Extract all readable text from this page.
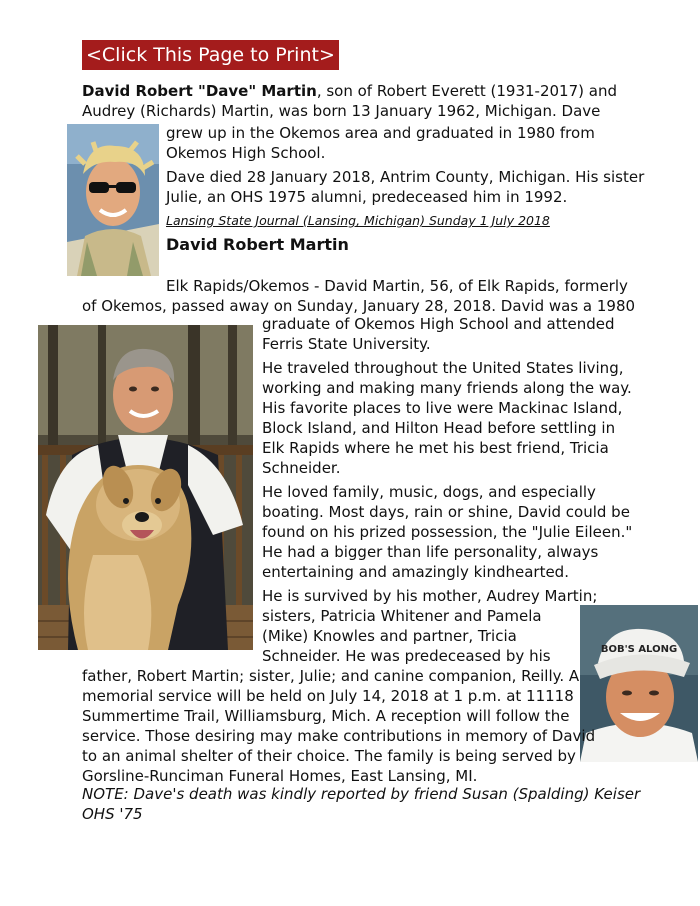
<Click This Page to Print>
David Robert "Dave" Martin, son of Robert Everett (1931-2017) and
Audrey (Richards) Martin, was born 13 January 1962, Michigan. Dave
grew up in the Okemos area and graduated in 1980 from
Okemos High School.
Dave died 28 January 2018, Antrim County, Michigan. His sister
Julie, an OHS 1975 alumni, predeceased him in 1992.
Lansing State Journal (Lansing, Michigan) Sunday 1 July 2018
David Robert Martin
Elk Rapids/Okemos - David Martin, 56, of Elk Rapids, formerly
of Okemos, passed away on Sunday, January 28, 2018. David was a 1980
graduate of Okemos High School and attended
Ferris State University.
He traveled throughout the United States living,
working and making many friends along the way.
His favorite places to live were Mackinac Island,
Block Island, and Hilton Head before settling in
Elk Rapids where he met his best friend, Tricia
Schneider.
He loved family, music, dogs, and especially
boating. Most days, rain or shine, David could be
found on his prized possession, the "Julie Eileen."
He had a bigger than life personality, always
entertaining and amazingly kindhearted.
He is survived by his mother, Audrey Martin;
sisters, Patricia Whitener and Pamela
(Mike) Knowles and partner, Tricia
Schneider. He was predeceased by his	BOB'S ALONG
father, Robert Martin; sister, Julie; and canine companion, Reilly. A
memorial service will be held on July 14, 2018 at 1 p.m. at 11118
Summertime Trail, Williamsburg, Mich. A reception will follow the
service. Those desiring may make contributions in memory of David
to an animal shelter of their choice. The family is being served by
Gorsline-Runciman Funeral Homes, East Lansing, MI.
NOTE: Dave's death was kindly reported by friend Susan (Spalding) Keiser
OHS '75
